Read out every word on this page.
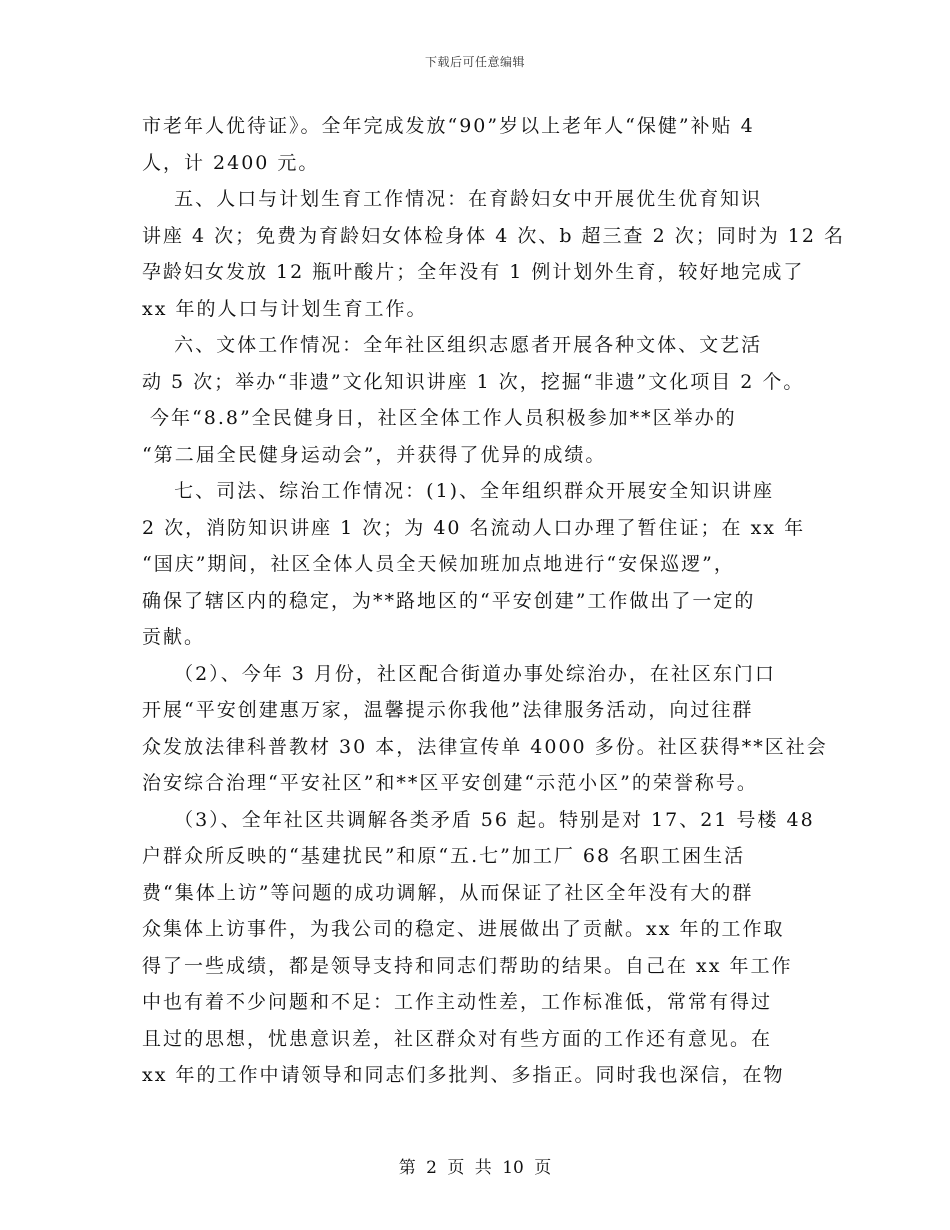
下载后可任意编辑
市老年人优待证》。全年完成发放“90”岁以上老年人“保健”补贴 4
人，计 2400 元。
五、人口与计划生育工作情况：在育龄妇女中开展优生优育知识
讲座 4 次；免费为育龄妇女体检身体 4 次、b 超三查 2 次；同时为 12 名
孕龄妇女发放 12 瓶叶酸片；全年没有 1 例计划外生育，较好地完成了
xx 年的人口与计划生育工作。
六、文体工作情况：全年社区组织志愿者开展各种文体、文艺活
动 5 次；举办“非遗”文化知识讲座 1 次，挖掘“非遗”文化项目 2 个。
今年“8.8”全民健身日，社区全体工作人员积极参加**区举办的
“第二届全民健身运动会”，并获得了优异的成绩。
七、司法、综治工作情况：(1)、全年组织群众开展安全知识讲座
2 次，消防知识讲座 1 次；为 40 名流动人口办理了暂住证；在 xx 年
“国庆”期间，社区全体人员全天候加班加点地进行“安保巡逻”，
确保了辖区内的稳定，为**路地区的“平安创建”工作做出了一定的
贡献。
（2）、今年 3 月份，社区配合街道办事处综治办，在社区东门口
开展“平安创建惠万家，温馨提示你我他”法律服务活动，向过往群
众发放法律科普教材 30 本，法律宣传单 4000 多份。社区获得**区社会
治安综合治理“平安社区”和**区平安创建“示范小区”的荣誉称号。
（3）、全年社区共调解各类矛盾 56 起。特别是对 17、21 号楼 48
户群众所反映的“基建扰民”和原“五.七”加工厂 68 名职工困生活
费“集体上访”等问题的成功调解，从而保证了社区全年没有大的群
众集体上访事件，为我公司的稳定、进展做出了贡献。xx 年的工作取
得了一些成绩，都是领导支持和同志们帮助的结果。自己在 xx 年工作
中也有着不少问题和不足：工作主动性差，工作标准低，常常有得过
且过的思想，忧患意识差，社区群众对有些方面的工作还有意见。在
xx 年的工作中请领导和同志们多批判、多指正。同时我也深信，在物
第 2 页 共 10 页
